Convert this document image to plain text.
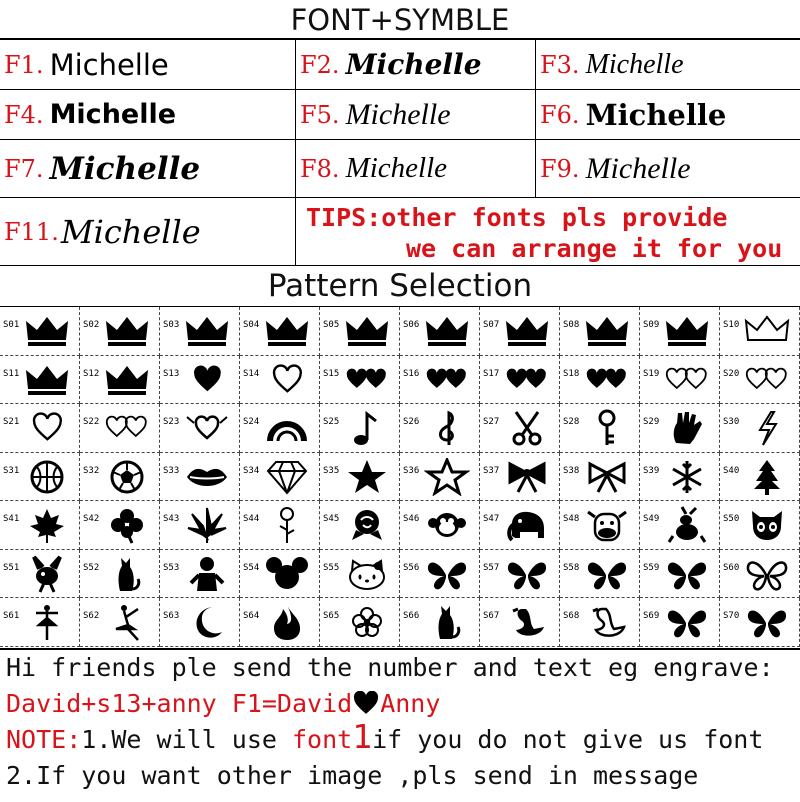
FONT+SYMBLE
F1. Michelle	F2. Michelle F3. Michelle
F4. Michelle	F5. Michelle	F6. Michelle
F7. Michelle	F8. Michelle	F9. Michelle
F11. Michelle	TIPS:other fonts pls provide
we can arrange it for you
Pattern Selection
S01	S02	S03	S04	S05	S06	S07	S08	S09	S10
S11	S12	S13	S14	S15	S16	S17	S18	S19	S20
S21	S22	S23	S24	S25	S26	S27	S28	S29	S30
S31	S32	S33	S34	S35	S36	S37	S38	S39	S40
S41	S42	S43	S44	S45	S46	S47	S48	S49	S50
S51	S52	S53	S54	S55	S56	S57	S58	S59	S60
S61	S62	S63	S64	S65	S66	S67	S68	S69	S70
Hi friends ple send the number and text eg engrave:
David+s13+anny F1=David Anny
NOTE:1.We will use font1if you do not give us font
2.If you want other image ,pls send in message
